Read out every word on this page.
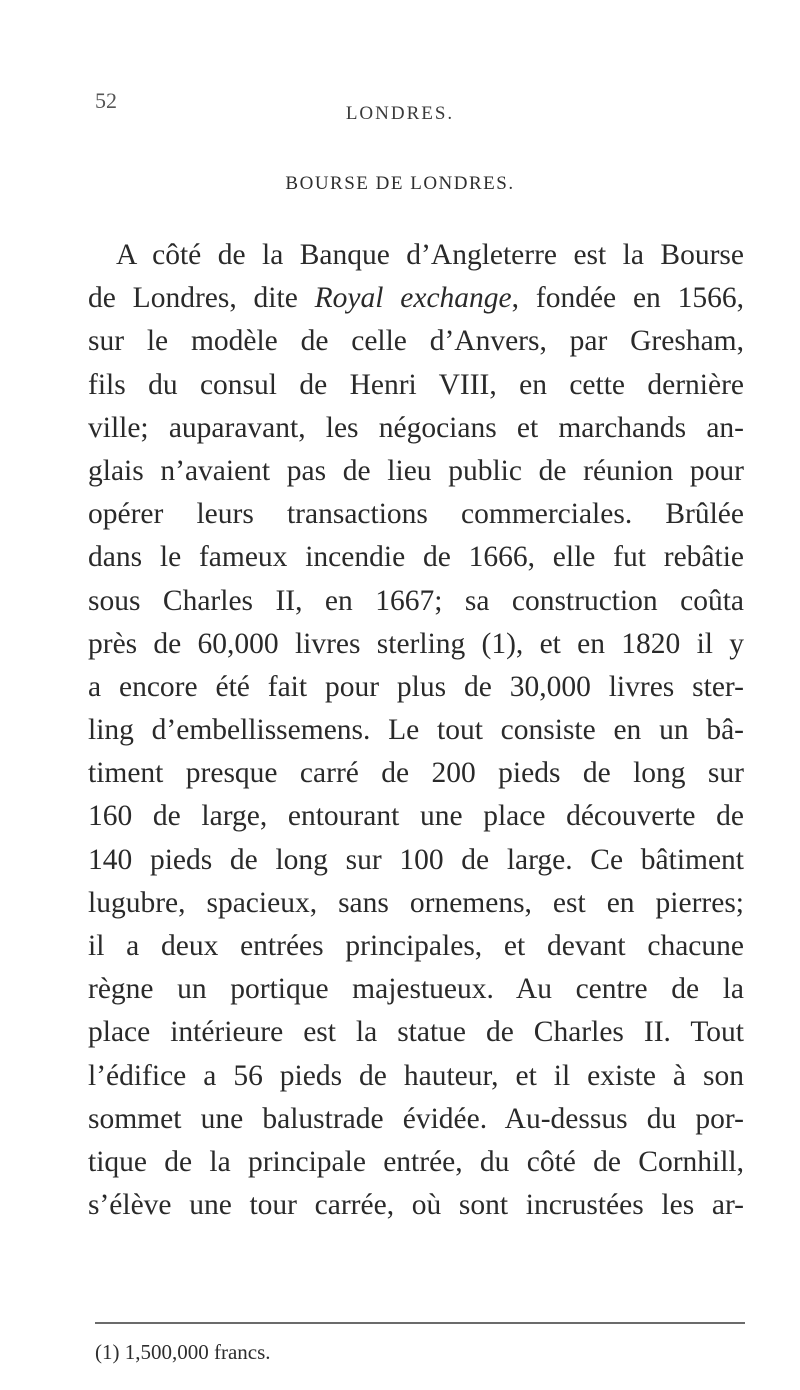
52
LONDRES.
BOURSE DE LONDRES.
A côté de la Banque d’Angleterre est la Bourse
de Londres, dite Royal exchange, fondée en 1566,
sur le modèle de celle d’Anvers, par Gresham,
fils du consul de Henri VIII, en cette dernière
ville; auparavant, les négocians et marchands an-
glais n’avaient pas de lieu public de réunion pour
opérer leurs transactions commerciales. Brûlée
dans le fameux incendie de 1666, elle fut rebâtie
sous Charles II, en 1667; sa construction coûta
près de 60,000 livres sterling (1), et en 1820 il y
a encore été fait pour plus de 30,000 livres ster-
ling d’embellissemens. Le tout consiste en un bâ-
timent presque carré de 200 pieds de long sur
160 de large, entourant une place découverte de
140 pieds de long sur 100 de large. Ce bâtiment
lugubre, spacieux, sans ornemens, est en pierres;
il a deux entrées principales, et devant chacune
règne un portique majestueux. Au centre de la
place intérieure est la statue de Charles II. Tout
l’édifice a 56 pieds de hauteur, et il existe à son
sommet une balustrade évidée. Au-dessus du por-
tique de la principale entrée, du côté de Cornhill,
s’élève une tour carrée, où sont incrustées les ar-
(1) 1,500,000 francs.
